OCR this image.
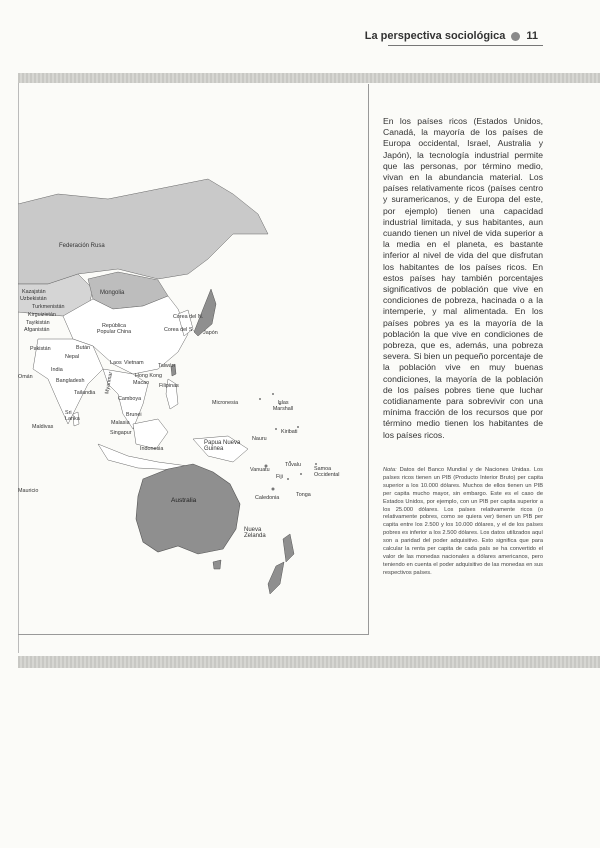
La perspectiva sociológica 11
Federación Rusa
Kazajstán
Uzbekistán
Turkmenistán
Kirguizistán
Tayikistán
Mongolia
Afganistán
Pakistán
República Popular China
Corea del N.
Corea del S. Japón
Bután
Nepal
India
Omán
Bangladesh
Laos Vietnam
Myanmar
Taiwán
Hong Kong
Macao Filipinas
Tailandia
Camboya
Sri Lanka
Maldivas
Brunei
Malasia
Singapur
Micronesia	Islas Marshall
Nauru
Kiribati
Papua Nueva Guinea
Indonesia
Vanuatu
Tuvalu
Fiji
Samoa Occidental
Tonga
Caledonia
Mauricio
Australia
Nueva Zelanda
En los países ricos (Estados Unidos, Canadá, la mayoría de los países de Europa occidental, Israel, Australia y Japón), la tecnología industrial permite que las personas, por término medio, vivan en la abundancia material. Los países relativamente ricos (países centro y suramericanos, y de Europa del este, por ejemplo) tienen una capacidad industrial limitada, y sus habitantes, aun cuando tienen un nivel de vida superior a la media en el planeta, es bastante inferior al nivel de vida del que disfrutan los habitantes de los países ricos. En estos países hay también porcentajes significativos de población que vive en condiciones de pobreza, hacinada o a la intemperie, y mal alimentada. En los países pobres ya es la mayoría de la población la que vive en condiciones de pobreza, que es, además, una pobreza severa. Si bien un pequeño porcentaje de la población vive en muy buenas condiciones, la mayoría de la población de los países pobres tiene que luchar cotidianamente para sobrevivir con una mínima fracción de los recursos que por término medio tienen los habitantes de los países ricos.
Nota: Datos del Banco Mundial y de Naciones Unidas. Los países ricos tienen un PIB (Producto Interior Bruto) per capita superior a los 10.000 dólares. Muchos de ellos tienen un PIB per capita mucho mayor, sin embargo. Este es el caso de Estados Unidos, por ejemplo, con un PIB per capita superior a los 25.000 dólares. Los países relativamente ricos (o relativamente pobres, como se quiera ver) tienen un PIB per capita entre los 2.500 y los 10.000 dólares, y el de los países pobres es inferior a los 2.500 dólares. Los datos utilizados aquí son a paridad del poder adquisitivo. Esto significa que para calcular la renta per capita de cada país se ha convertido el valor de las monedas nacionales a dólares americanos, pero teniendo en cuenta el poder adquisitivo de las monedas en sus respectivos países.
